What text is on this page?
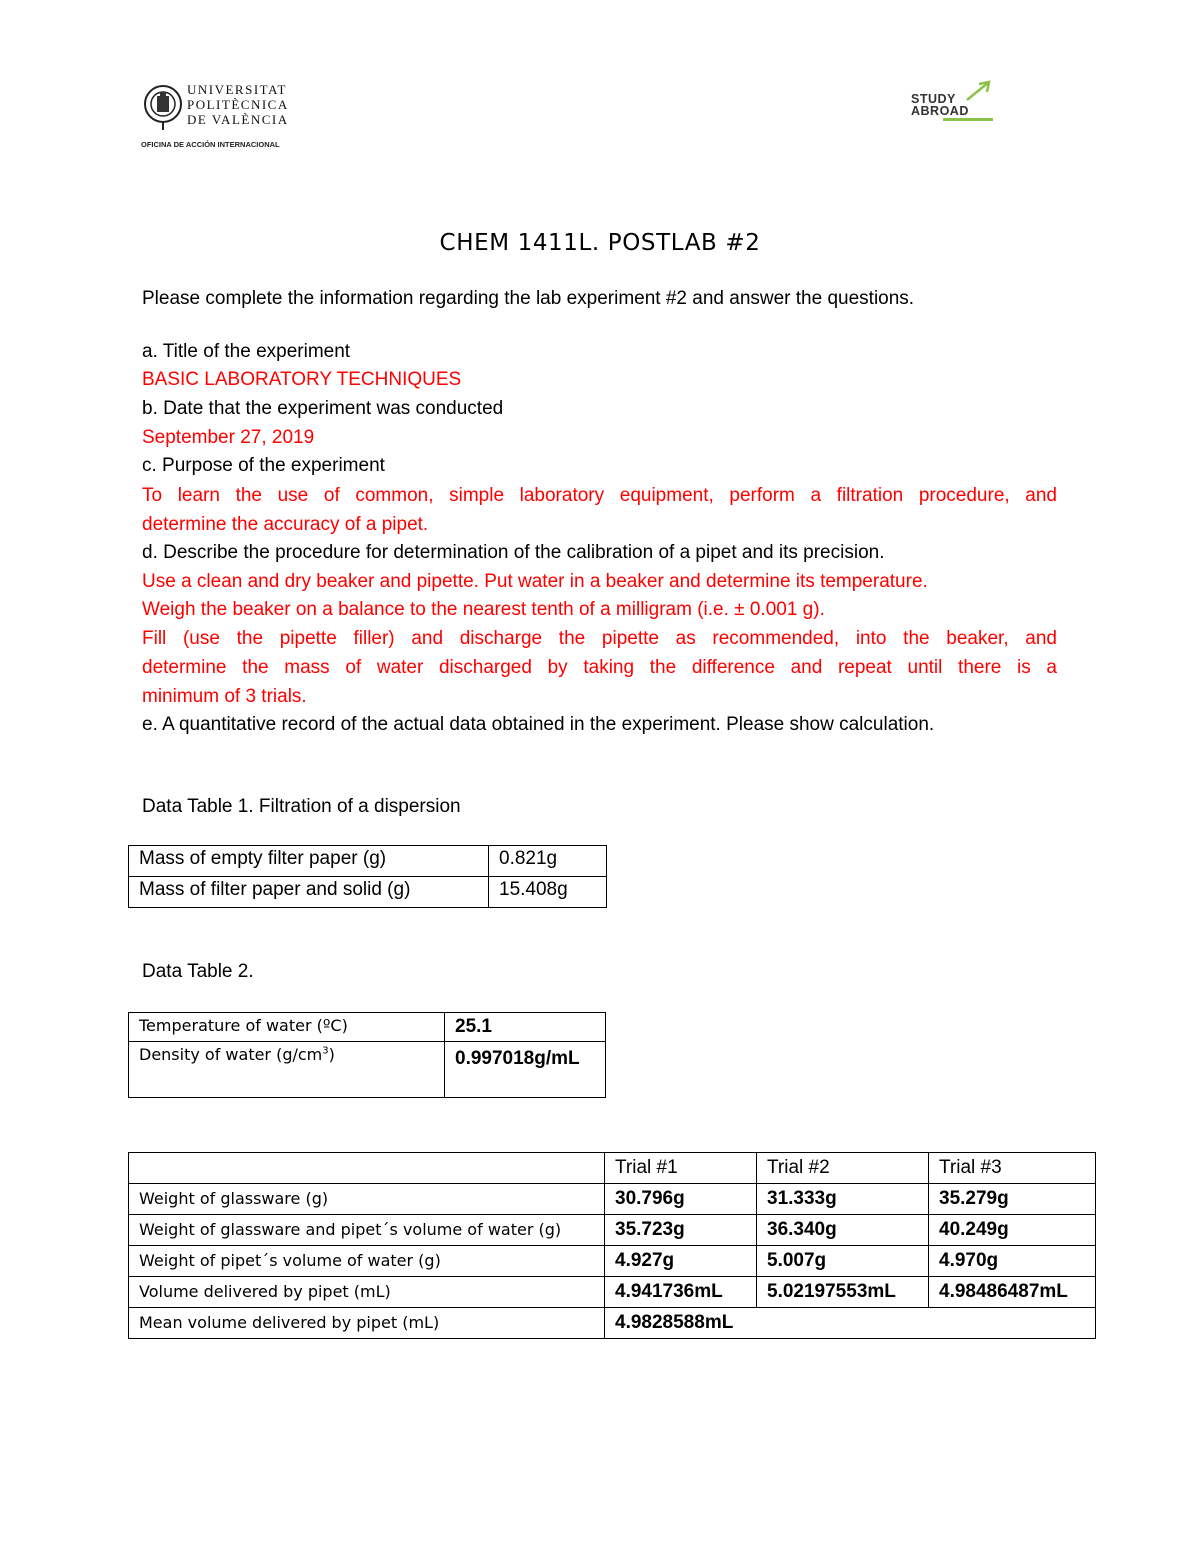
UNIVERSITAT
POLITÈCNICA
DE VALÈNCIA
OFICINA DE ACCIÓN INTERNACIONAL
STUDY
ABROAD
CHEM 1411L. POSTLAB #2
Please complete the information regarding the lab experiment #2 and answer the questions.
a. Title of the experiment
BASIC LABORATORY TECHNIQUES
b. Date that the experiment was conducted
September 27, 2019
c. Purpose of the experiment
To learn the use of common, simple laboratory equipment, perform a filtration procedure, and
determine the accuracy of a pipet.
d. Describe the procedure for determination of the calibration of a pipet and its precision.
Use a clean and dry beaker and pipette. Put water in a beaker and determine its temperature.
Weigh the beaker on a balance to the nearest tenth of a milligram (i.e. ± 0.001 g).
Fill (use the pipette filler) and discharge the pipette as recommended, into the beaker, and
determine the mass of water discharged by taking the difference and repeat until there is a
minimum of 3 trials.
e. A quantitative record of the actual data obtained in the experiment. Please show calculation.
Data Table 1. Filtration of a dispersion
Mass of empty filter paper (g)	0.821g
Mass of filter paper and solid (g)	15.408g
Data Table 2.
Temperature of water (ºC)	25.1
Density of water $(g/cm^3)$	0.997018g/mL
	Trial #1	Trial #2	Trial #3
Weight of glassware (g)	30.796g	31.333g	35.279g
Weight of glassware and pipet´s volume of water (g)	35.723g	36.340g	40.249g
Weight of pipet´s volume of water (g)	4.927g	5.007g	4.970g
Volume delivered by pipet (mL)	4.941736mL	5.02197553mL	4.98486487mL
Mean volume delivered by pipet (mL)	4.9828588mL		
